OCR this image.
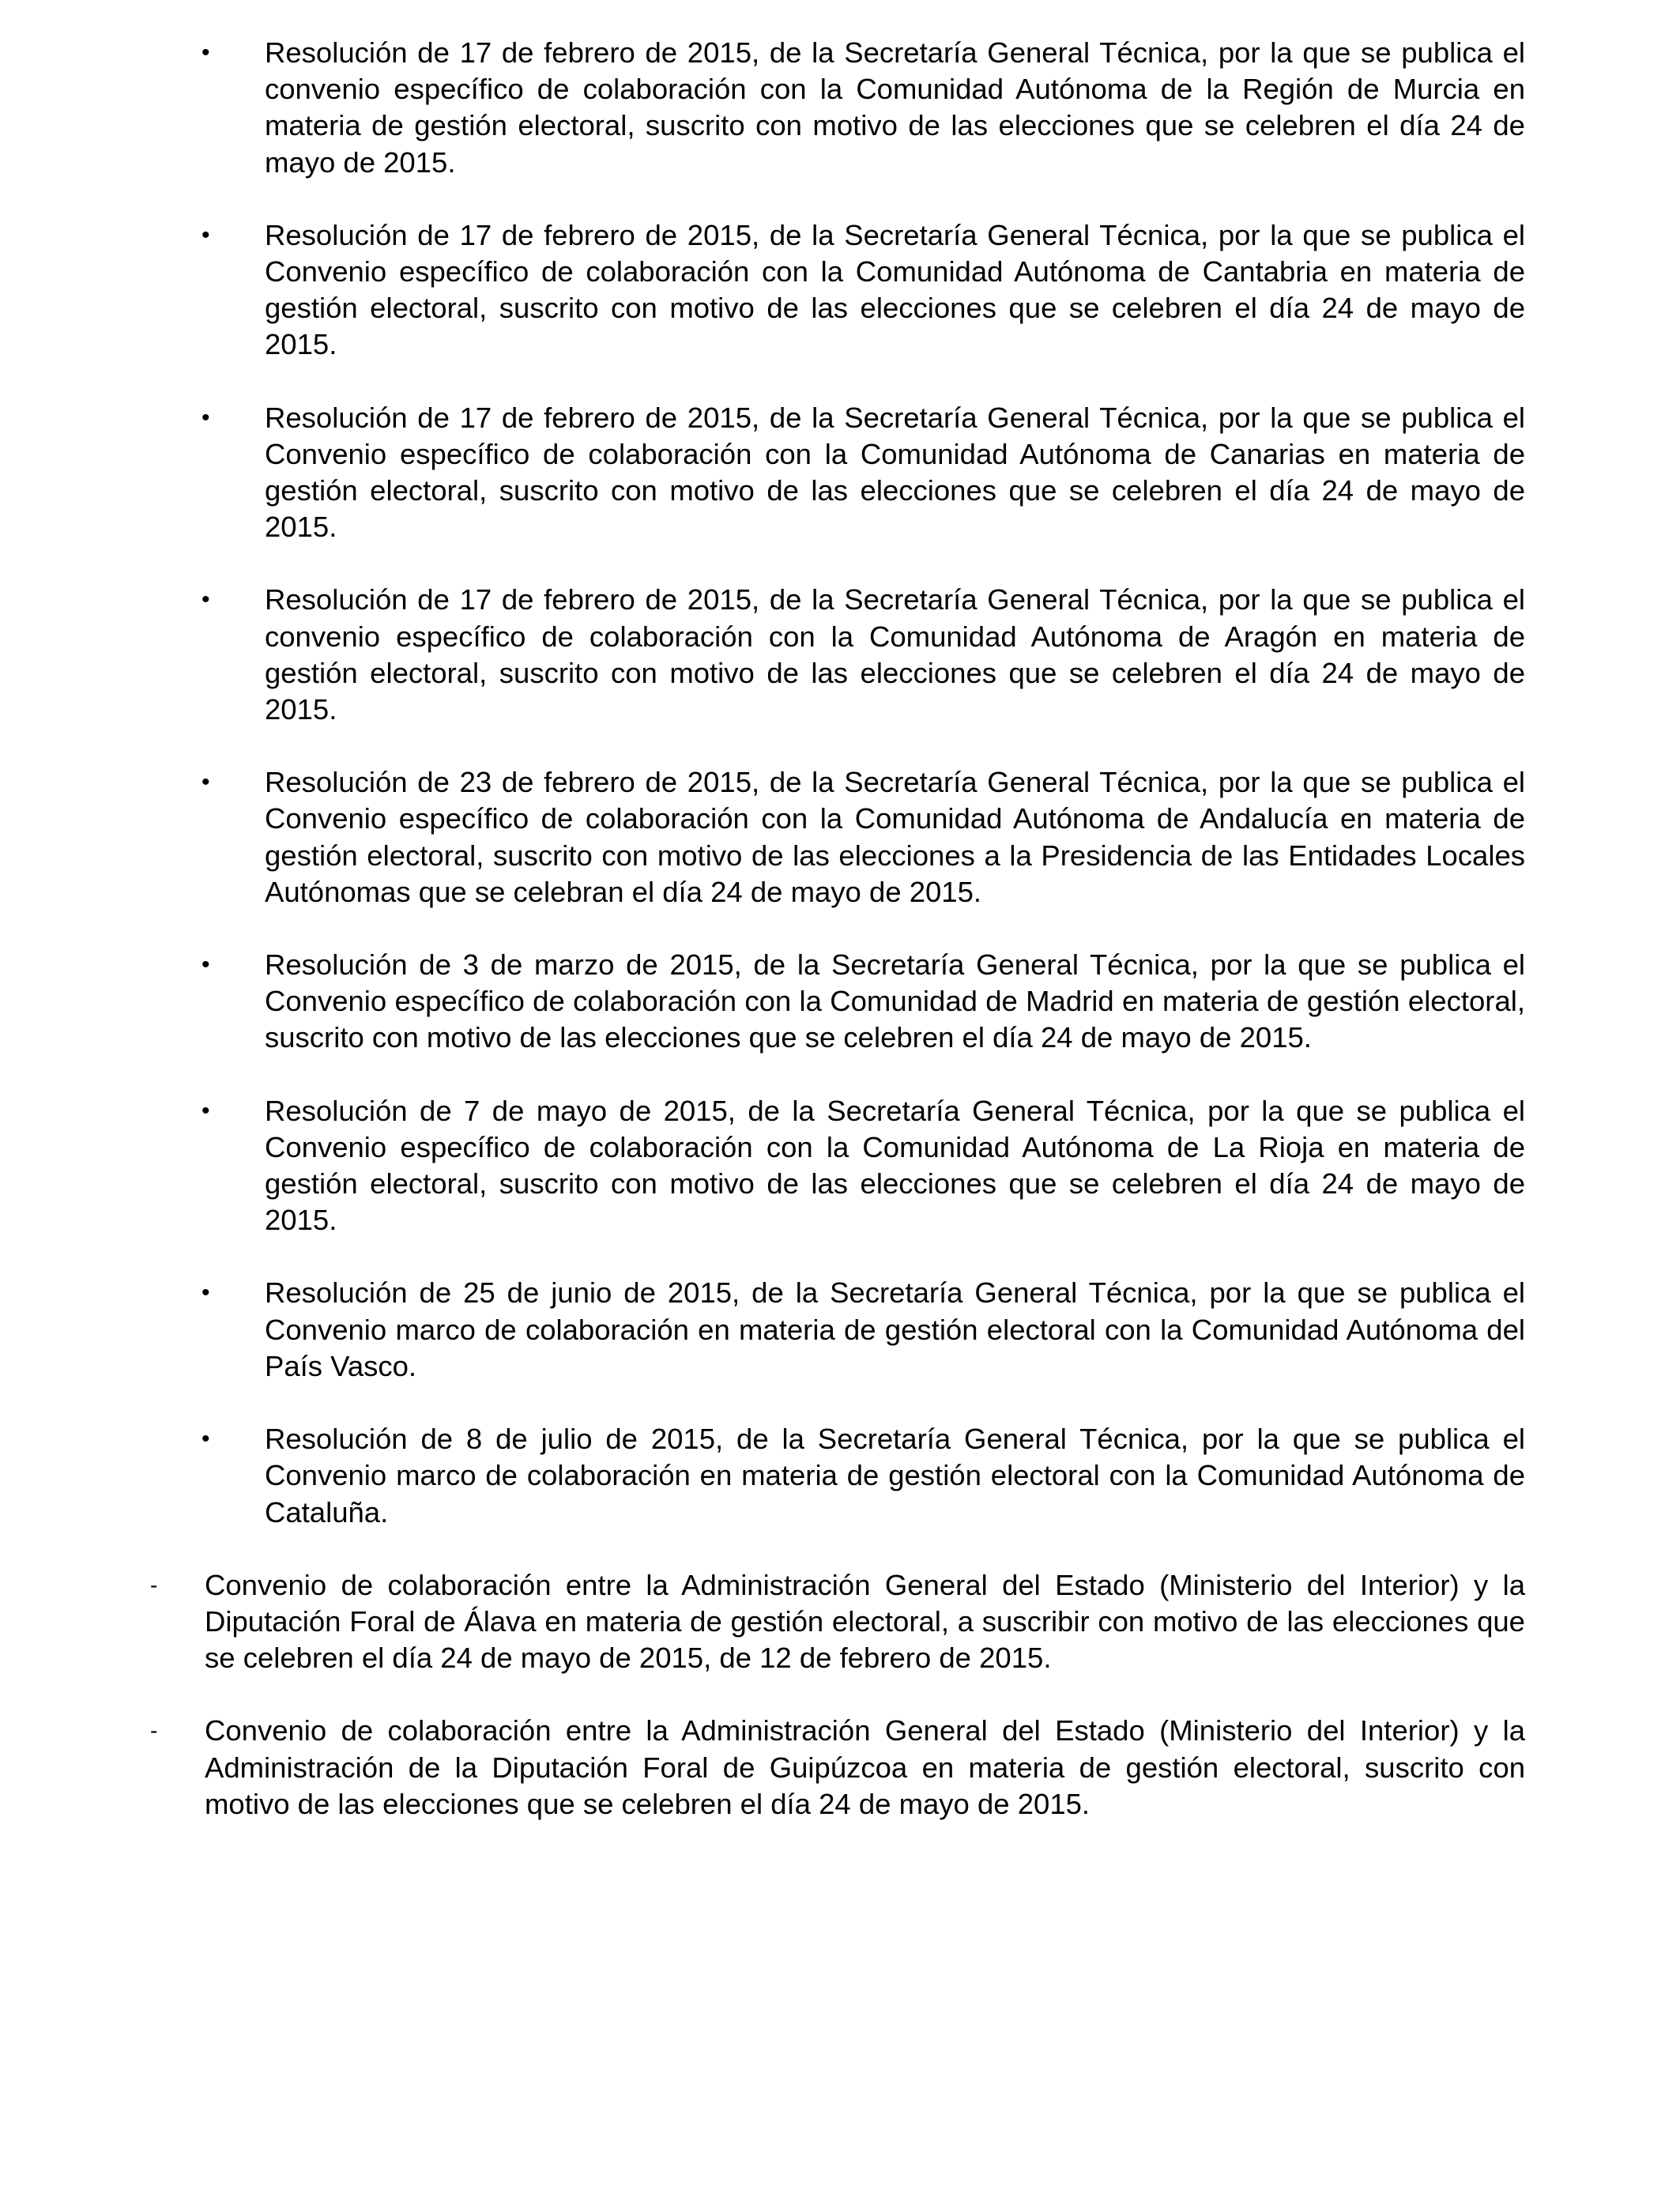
• Resolución de 17 de febrero de 2015, de la Secretaría General Técnica, por la que se publica el convenio específico de colaboración con la Comunidad Autónoma de la Región de Murcia en materia de gestión electoral, suscrito con motivo de las elecciones que se celebren el día 24 de mayo de 2015.
• Resolución de 17 de febrero de 2015, de la Secretaría General Técnica, por la que se publica el Convenio específico de colaboración con la Comunidad Autónoma de Cantabria en materia de gestión electoral, suscrito con motivo de las elecciones que se celebren el día 24 de mayo de 2015.
• Resolución de 17 de febrero de 2015, de la Secretaría General Técnica, por la que se publica el Convenio específico de colaboración con la Comunidad Autónoma de Canarias en materia de gestión electoral, suscrito con motivo de las elecciones que se celebren el día 24 de mayo de 2015.
• Resolución de 17 de febrero de 2015, de la Secretaría General Técnica, por la que se publica el convenio específico de colaboración con la Comunidad Autónoma de Aragón en materia de gestión electoral, suscrito con motivo de las elecciones que se celebren el día 24 de mayo de 2015.
• Resolución de 23 de febrero de 2015, de la Secretaría General Técnica, por la que se publica el Convenio específico de colaboración con la Comunidad Autónoma de Andalucía en materia de gestión electoral, suscrito con motivo de las elecciones a la Presidencia de las Entidades Locales Autónomas que se celebran el día 24 de mayo de 2015.
• Resolución de 3 de marzo de 2015, de la Secretaría General Técnica, por la que se publica el Convenio específico de colaboración con la Comunidad de Madrid en materia de gestión electoral, suscrito con motivo de las elecciones que se celebren el día 24 de mayo de 2015.
• Resolución de 7 de mayo de 2015, de la Secretaría General Técnica, por la que se publica el Convenio específico de colaboración con la Comunidad Autónoma de La Rioja en materia de gestión electoral, suscrito con motivo de las elecciones que se celebren el día 24 de mayo de 2015.
• Resolución de 25 de junio de 2015, de la Secretaría General Técnica, por la que se publica el Convenio marco de colaboración en materia de gestión electoral con la Comunidad Autónoma del País Vasco.
• Resolución de 8 de julio de 2015, de la Secretaría General Técnica, por la que se publica el Convenio marco de colaboración en materia de gestión electoral con la Comunidad Autónoma de Cataluña.
- Convenio de colaboración entre la Administración General del Estado (Ministerio del Interior) y la Diputación Foral de Álava en materia de gestión electoral, a suscribir con motivo de las elecciones que se celebren el día 24 de mayo de 2015, de 12 de febrero de 2015.
- Convenio de colaboración entre la Administración General del Estado (Ministerio del Interior) y la Administración de la Diputación Foral de Guipúzcoa en materia de gestión electoral, suscrito con motivo de las elecciones que se celebren el día 24 de mayo de 2015.
